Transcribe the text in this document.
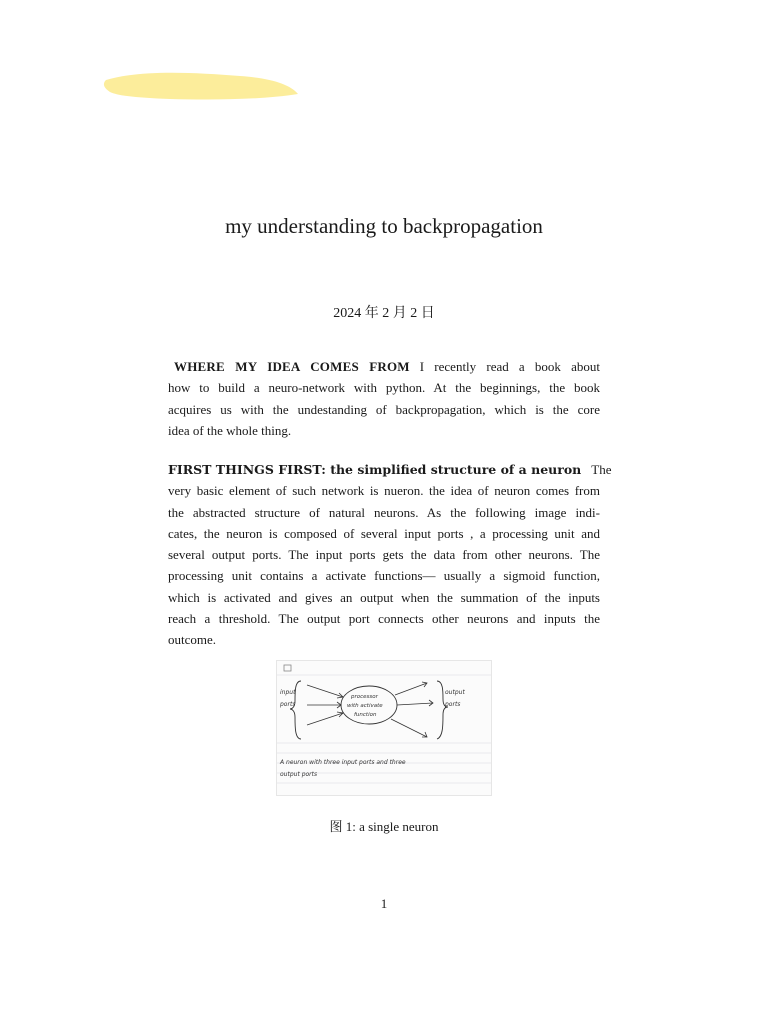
my understanding to backpropagation
2024 年 2 月 2 日
WHERE MY IDEA COMES FROM I recently read a book about
how to build a neuro-network with python. At the beginnings, the book
acquires us with the undestanding of backpropagation, which is the core
idea of the whole thing.
FIRST THINGS FIRST: the simplified structure of a neuron The
very basic element of such network is nueron. the idea of neuron comes from
the abstracted structure of natural neurons. As the following image indi-
cates, the neuron is composed of several input ports , a processing unit and
several output ports. The input ports gets the data from other neurons. The
processing unit contains a activate functions— usually a sigmoid function,
which is activated and gives an output when the summation of the inputs
reach a threshold. The output port connects other neurons and inputs the
outcome.
input
ports
processor
with activate
function
output
ports
A neuron with three input ports and three
output ports
图 1: a single neuron
1
